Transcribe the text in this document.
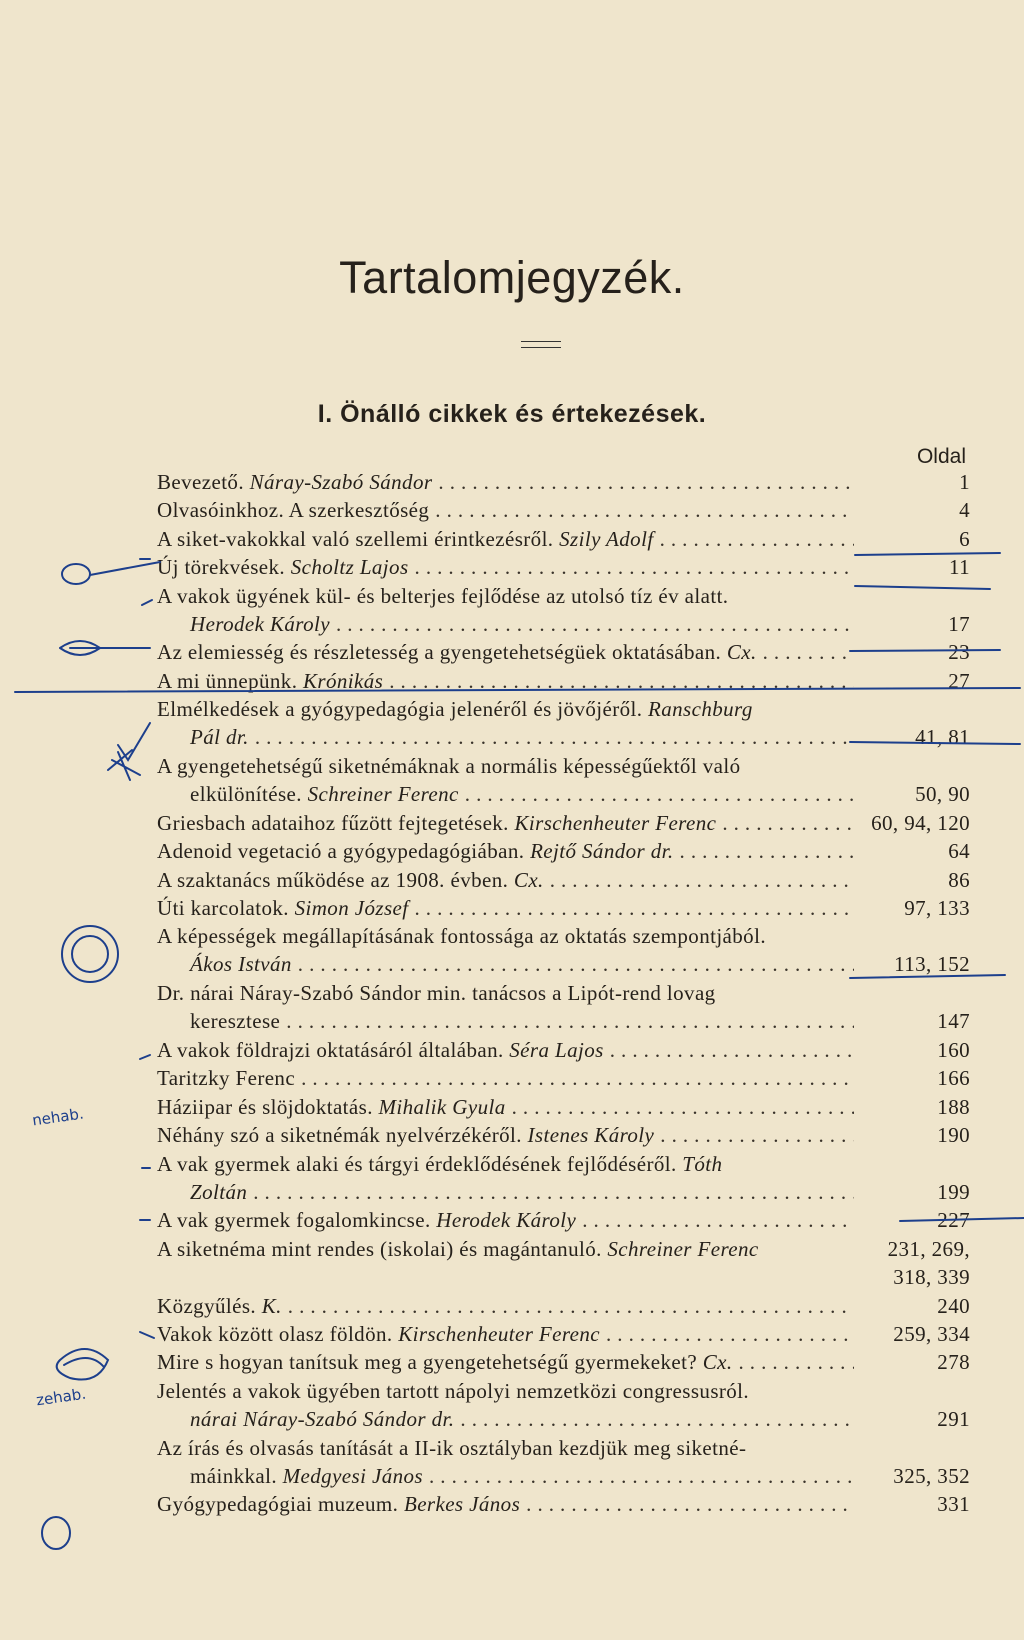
Tartalomjegyzék.
I. Önálló cikkek és értekezések.
Oldal
Bevezető. Náray-Szabó Sándor . . .	1
Olvasóinkhoz. A szerkesztőség . . .	4
A siket-vakokkal való szellemi érintkezésről. Szily Adolf . . .	6
Új törekvések. Scholtz Lajos . . .	11
A vakok ügyének kül- és belterjes fejlődése az utolsó tíz év alatt.
Herodek Károly . . .	17
Az elemiesség és részletesség a gyengetehetségüek oktatásában. Cx. . . .	23
A mi ünnepünk. Krónikás . . .	27
Elmélkedések a gyógypedagógia jelenéről és jövőjéről. Ranschburg
Pál dr. . . .	41, 81
A gyengetehetségű siketnémáknak a normális képességűektől való
elkülönítése. Schreiner Ferenc . . .	50, 90
Griesbach adataihoz fűzött fejtegetések. Kirschenheuter Ferenc . . .	60, 94, 120
Adenoid vegetació a gyógypedagógiában. Rejtő Sándor dr. . . .	64
A szaktanács működése az 1908. évben. Cx. . . .	86
Úti karcolatok. Simon József . . .	97, 133
A képességek megállapításának fontossága az oktatás szempontjából.
Ákos István . . .	113, 152
Dr. nárai Náray-Szabó Sándor min. tanácsos a Lipót-rend lovag
keresztese . . .	147
A vakok földrajzi oktatásáról általában. Séra Lajos . . .	160
Taritzky Ferenc . . .	166
Háziipar és slöjdoktatás. Mihalik Gyula . . .	188
Néhány szó a siketnémák nyelvérzékéről. Istenes Károly . . .	190
A vak gyermek alaki és tárgyi érdeklődésének fejlődéséről. Tóth
Zoltán . . .	199
A vak gyermek fogalomkincse. Herodek Károly . . .	227
A siketnéma mint rendes (iskolai) és magántanuló. Schreiner Ferenc	231, 269,
318, 339
Közgyűlés. K. . . .	240
Vakok között olasz földön. Kirschenheuter Ferenc . . .	259, 334
Mire s hogyan tanítsuk meg a gyengetehetségű gyermekeket? Cx. . . .	278
Jelentés a vakok ügyében tartott nápolyi nemzetközi congressusról.
nárai Náray-Szabó Sándor dr. . . .	291
Az írás és olvasás tanítását a II-ik osztályban kezdjük meg siketné-
máinkkal. Medgyesi János . . .	325, 352
Gyógypedagógiai muzeum. Berkes János . . .	331
nehab.
zehab.
